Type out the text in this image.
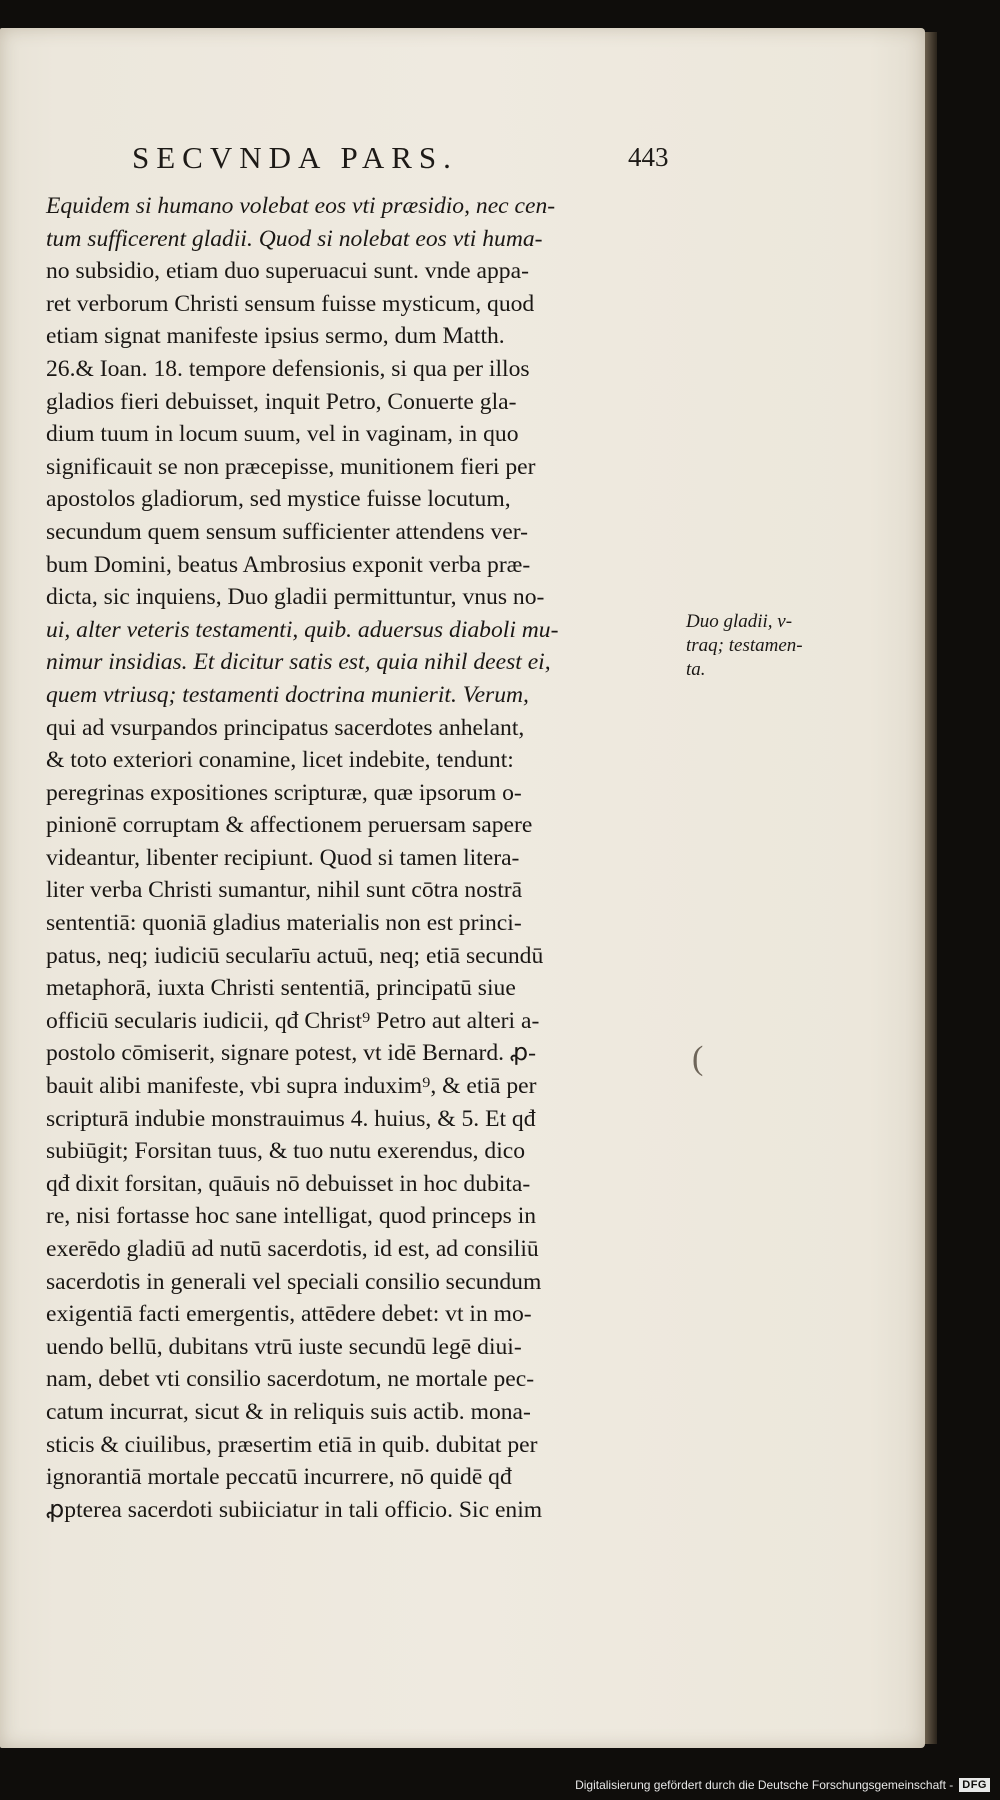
SECVNDA PARS.	443
Equidem si humano volebat eos vti præsidio, nec cen-
tum sufficerent gladii. Quod si nolebat eos vti huma-
no subsidio, etiam duo superuacui sunt. vnde appa-
ret verborum Christi sensum fuisse mysticum, quod
etiam signat manifeste ipsius sermo, dum Matth.
26.& Ioan. 18. tempore defensionis, si qua per illos
gladios fieri debuisset, inquit Petro, Conuerte gla-
dium tuum in locum suum, vel in vaginam, in quo
significauit se non præcepisse, munitionem fieri per
apostolos gladiorum, sed mystice fuisse locutum,
secundum quem sensum sufficienter attendens ver-
bum Domini, beatus Ambrosius exponit verba præ-
dicta, sic inquiens, Duo gladii permittuntur, vnus no-
ui, alter veteris testamenti, quib. aduersus diaboli mu-
nimur insidias. Et dicitur satis est, quia nihil deest ei,
quem vtriusq; testamenti doctrina munierit. Verum,
qui ad vsurpandos principatus sacerdotes anhelant,
& toto exteriori conamine, licet indebite, tendunt:
peregrinas expositiones scripturæ, quæ ipsorum o-
pinionē corruptam & affectionem peruersam sapere
videantur, libenter recipiunt. Quod si tamen litera-
liter verba Christi sumantur, nihil sunt cōtra nostrā
sententiā: quoniā gladius materialis non est princi-
patus, neq; iudiciū secularīu actuū, neq; etiā secundū
metaphorā, iuxta Christi sententiā, principatū siue
officiū secularis iudicii, qđ Christ⁹ Petro aut alteri a-
postolo cōmiserit, signare potest, vt idē Bernard. ꝓ-
bauit alibi manifeste, vbi supra induxim⁹, & etiā per
scripturā indubie monstrauimus 4. huius, & 5. Et qđ
subiūgit; Forsitan tuus, & tuo nutu exerendus, dico
qđ dixit forsitan, quāuis nō debuisset in hoc dubita-
re, nisi fortasse hoc sane intelligat, quod princeps in
exerēdo gladiū ad nutū sacerdotis, id est, ad consiliū
sacerdotis in generali vel speciali consilio secundum
exigentiā facti emergentis, attēdere debet: vt in mo-
uendo bellū, dubitans vtrū iuste secundū legē diui-
nam, debet vti consilio sacerdotum, ne mortale pec-
catum incurrat, sicut & in reliquis suis actib. mona-
sticis & ciuilibus, præsertim etiā in quib. dubitat per
ignorantiā mortale peccatū incurrere, nō quidē qđ
ꝓpterea sacerdoti subiiciatur in tali officio. Sic enim
Duo gladii, v-
traq; testamen-
ta.
(
Digitalisierung gefördert durch die Deutsche Forschungsgemeinschaft - DFG
